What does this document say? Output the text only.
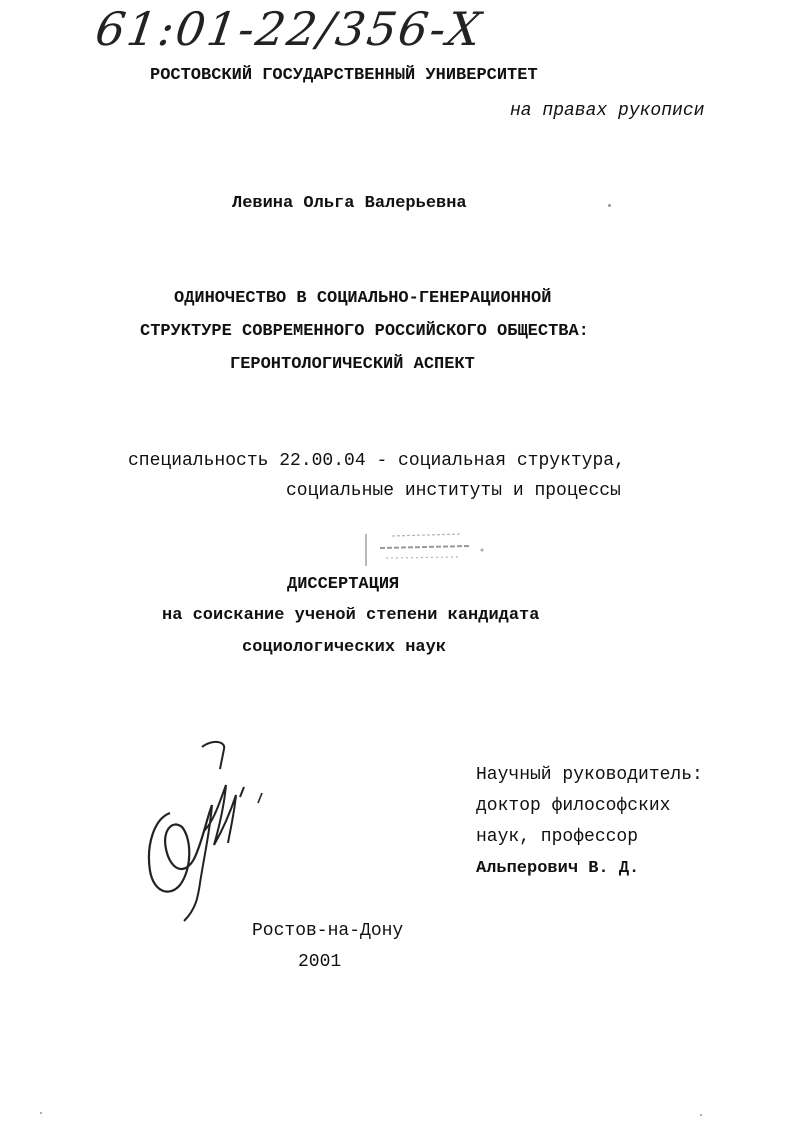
61:01-22/356-Х
РОСТОВСКИЙ ГОСУДАРСТВЕННЫЙ УНИВЕРСИТЕТ
на правах рукописи
Левина Ольга Валерьевна
ОДИНОЧЕСТВО В СОЦИАЛЬНО-ГЕНЕРАЦИОННОЙ
СТРУКТУРЕ СОВРЕМЕННОГО РОССИЙСКОГО ОБЩЕСТВА:
ГЕРОНТОЛОГИЧЕСКИЙ АСПЕКТ
специальность 22.00.04 - социальная структура,
социальные институты и процессы
ДИССЕРТАЦИЯ
на соискание ученой степени кандидата
социологических наук
Научный руководитель:
доктор философских
наук, профессор
Альперович В. Д.
Ростов-на-Дону
2001
